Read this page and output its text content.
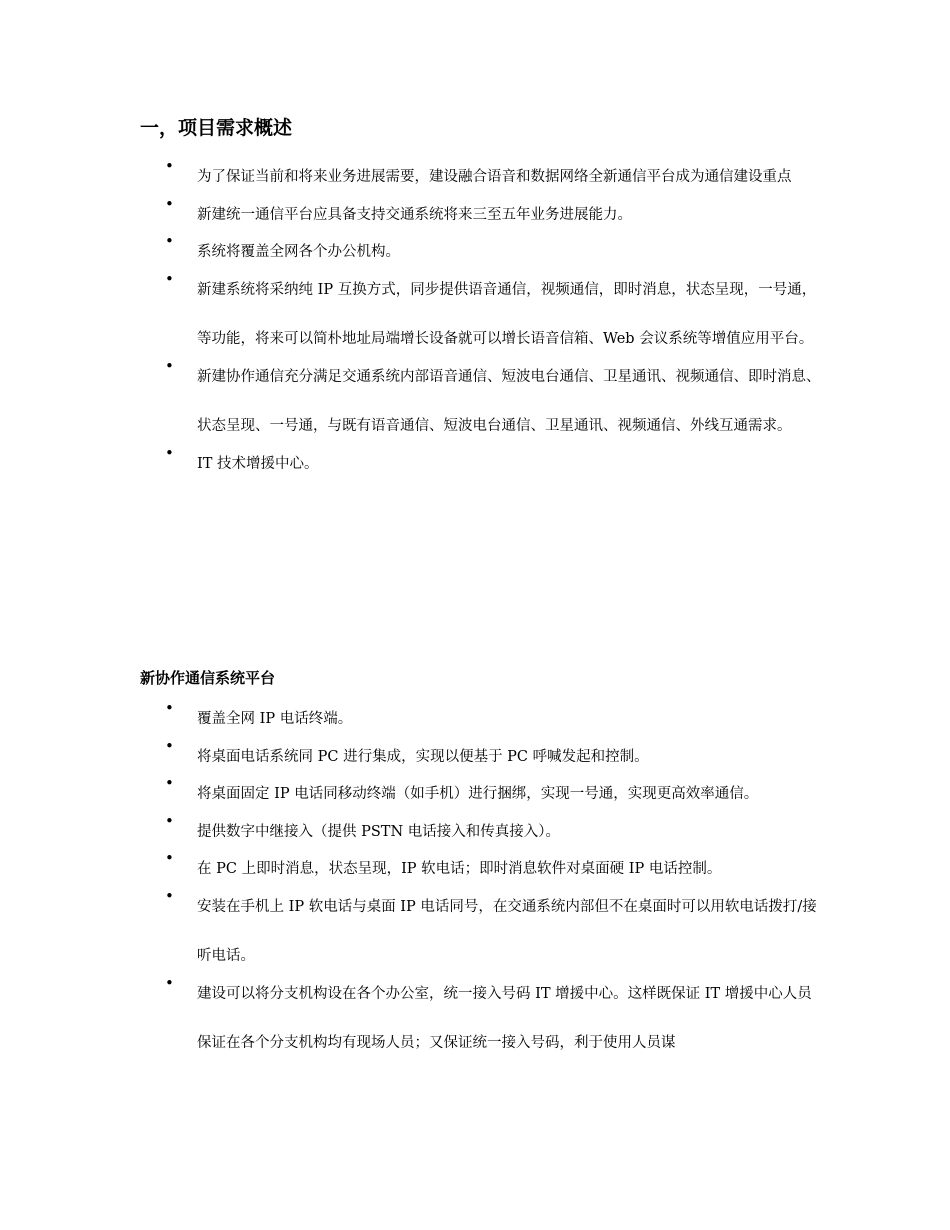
一，项目需求概述
•
为了保证当前和将来业务进展需要，建设融合语音和数据网络全新通信平台成为通信建设重点
•
新建统一通信平台应具备支持交通系统将来三至五年业务进展能力。
•
系统将覆盖全网各个办公机构。
•
新建系统将采纳纯 IP 互换方式，同步提供语音通信，视频通信，即时消息，状态呈现，一号通，等功能，将来可以简朴地址局端增长设备就可以增长语音信箱、Web 会议系统等增值应用平台。
•
新建协作通信充分满足交通系统内部语音通信、短波电台通信、卫星通讯、视频通信、即时消息、状态呈现、一号通，与既有语音通信、短波电台通信、卫星通讯、视频通信、外线互通需求。
•
IT 技术增援中心。
新协作通信系统平台
•
覆盖全网 IP 电话终端。
•
将桌面电话系统同 PC 进行集成，实现以便基于 PC 呼喊发起和控制。
•
将桌面固定 IP 电话同移动终端（如手机）进行捆绑，实现一号通，实现更高效率通信。
•
提供数字中继接入（提供 PSTN 电话接入和传真接入）。
•
在 PC 上即时消息，状态呈现，IP 软电话；即时消息软件对桌面硬 IP 电话控制。
•
安装在手机上 IP 软电话与桌面 IP 电话同号，在交通系统内部但不在桌面时可以用软电话拨打/接听电话。
•
建设可以将分支机构设在各个办公室，统一接入号码 IT 增援中心。这样既保证 IT 增援中心人员保证在各个分支机构均有现场人员；又保证统一接入号码，利于使用人员谋
